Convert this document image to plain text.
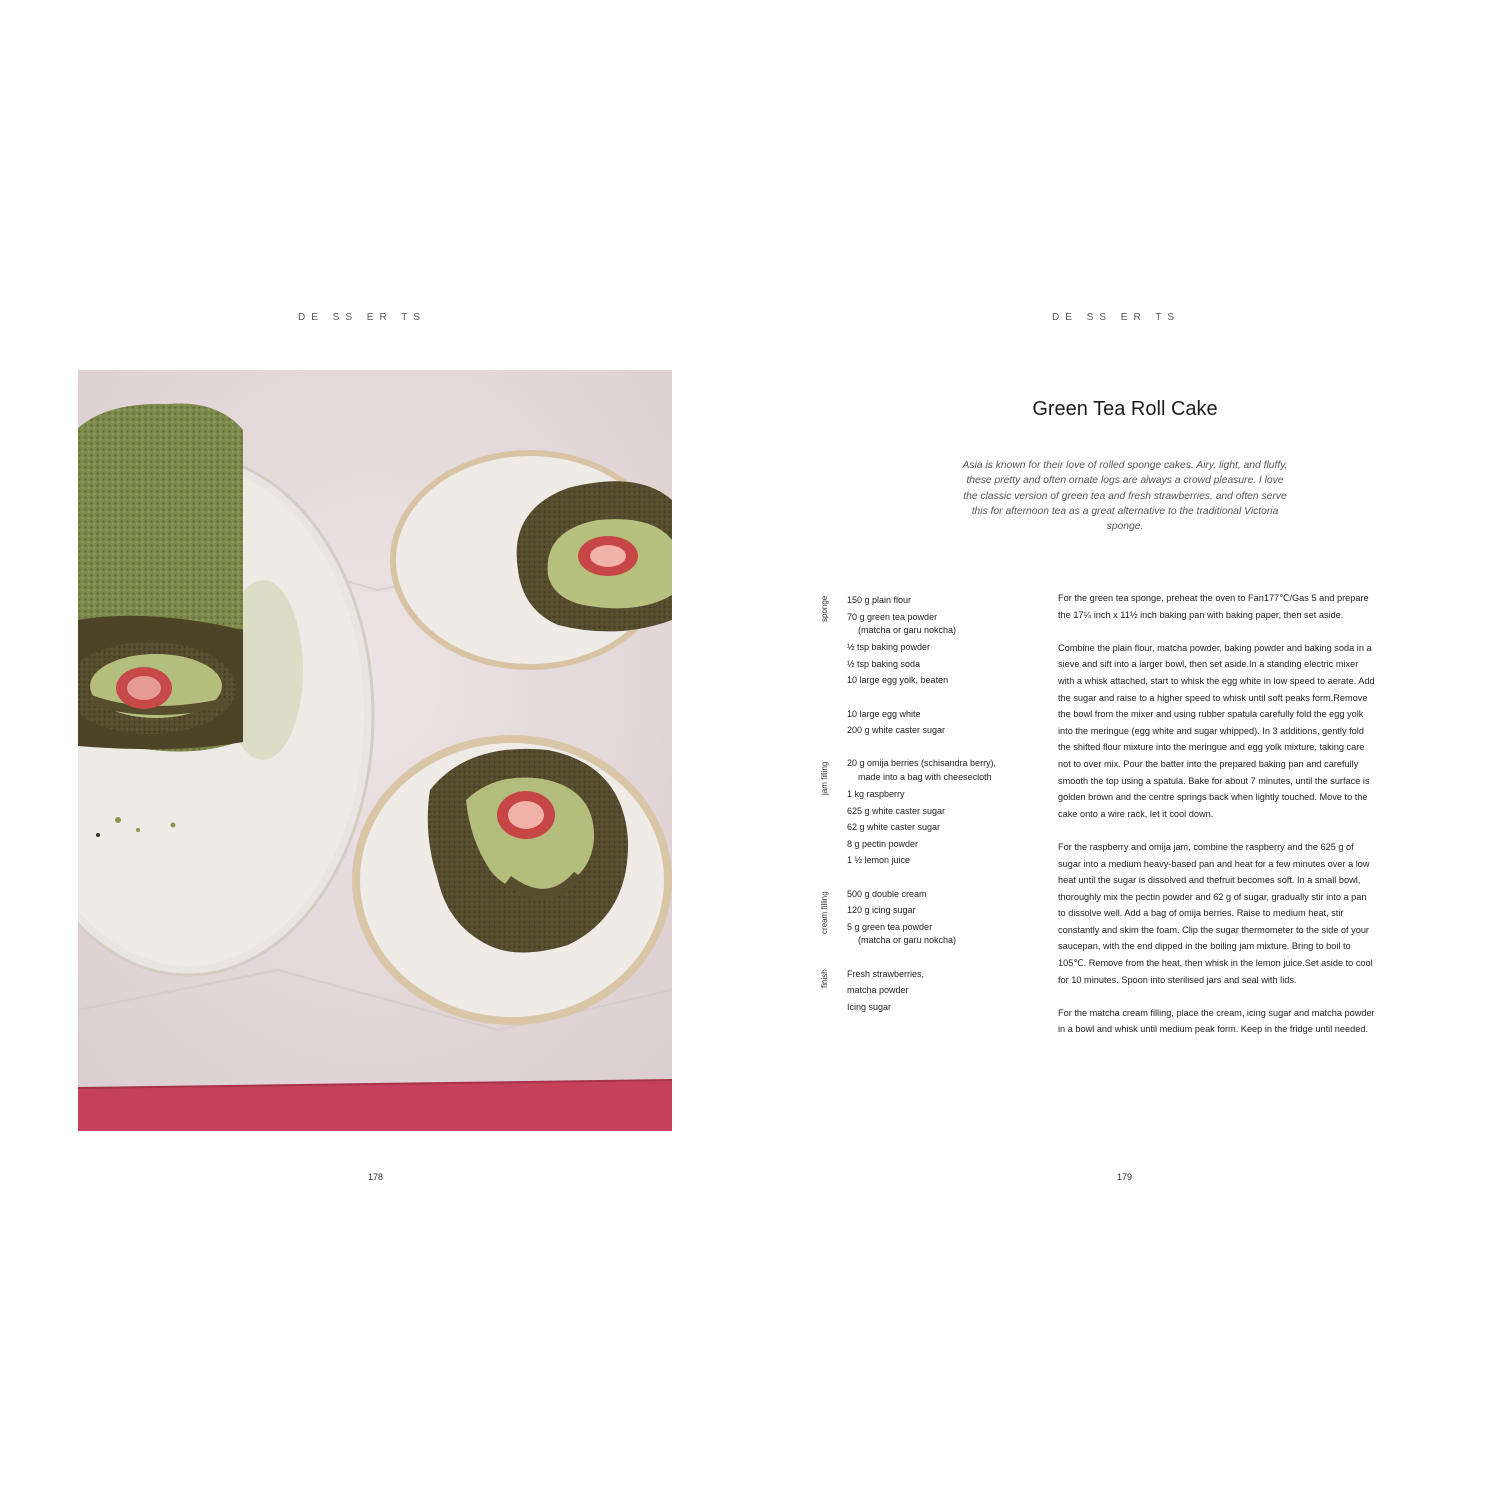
DE SS ER TS
178
DE SS ER TS
Green Tea Roll Cake
Asia is known for their love of rolled sponge cakes. Airy, light, and fluffy, these pretty and often ornate logs are always a crowd pleasure. I love the classic version of green tea and fresh strawberries, and often serve this for afternoon tea as a great alternative to the traditional Victoria sponge.
sponge 150 g plain flour
70 g green tea powder
(matcha or garu nokcha)
½ tsp baking powder
½ tsp baking soda
10 large egg yolk, beaten
10 large egg white
200 g white caster sugar
jam filling 20 g omija berries (schisandra berry),
made into a bag with cheesecloth
1 kg raspberry
625 g white caster sugar
62 g white caster sugar
8 g pectin powder
1 ½ lemon juice
cream filling 500 g double cream
120 g icing sugar
5 g green tea powder
(matcha or garu nokcha)
finish Fresh strawberries,
matcha powder
Icing sugar

For the green tea sponge, preheat the oven to Fan177℃/Gas 5 and prepare the 17¼ inch x 11½ inch baking pan with baking paper, then set aside.

Combine the plain flour, matcha powder, baking powder and baking soda in a sieve and sift into a larger bowl, then set aside.In a standing electric mixer with a whisk attached, start to whisk the egg white in low speed to aerate. Add the sugar and raise to a higher speed to whisk until soft peaks form.Remove the bowl from the mixer and using rubber spatula carefully fold the egg yolk into the meringue (egg white and sugar whipped). In 3 additions, gently fold the shifted flour mixture into the meringue and egg yolk mixture, taking care not to over mix. Pour the batter into the prepared baking pan and carefully smooth the top using a spatula. Bake for about 7 minutes, until the surface is golden brown and the centre springs back when lightly touched. Move to the cake onto a wire rack, let it cool down.

For the raspberry and omija jam, combine the raspberry and the 625 g of sugar into a medium heavy-based pan and heat for a few minutes over a low heat until the sugar is dissolved and thefruit becomes soft. In a small bowl, thoroughly mix the pectin powder and 62 g of sugar, gradually stir into a pan to dissolve well. Add a bag of omija berries. Raise to medium heat, stir constantly and skim the foam. Clip the sugar thermometer to the side of your saucepan, with the end dipped in the boiling jam mixture. Bring to boil to 105℃. Remove from the heat, then whisk in the lemon juice.Set aside to cool for 10 minutes. Spoon into sterilised jars and seal with lids.

For the matcha cream filling, place the cream, icing sugar and matcha powder in a bowl and whisk until medium peak form. Keep in the fridge until needed.

179
